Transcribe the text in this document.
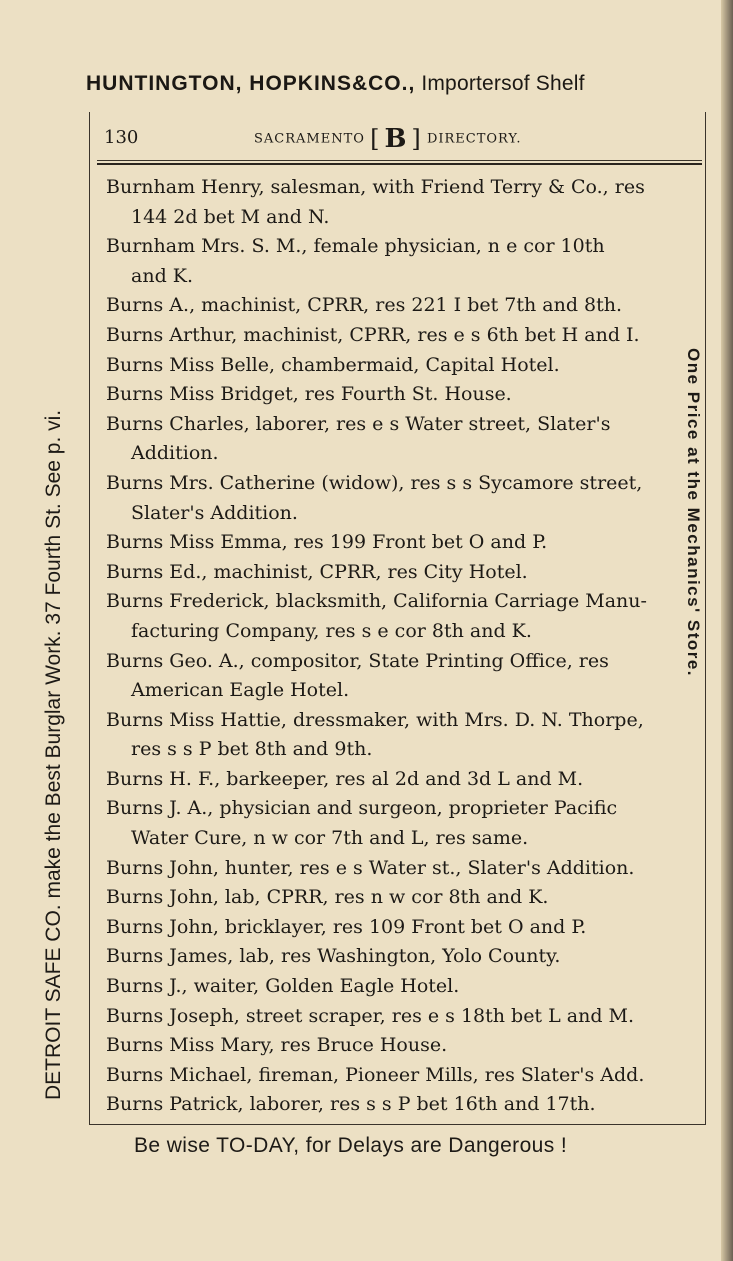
HUNTINGTON, HOPKINS&CO., Importersof Shelf
DETROIT SAFE CO. make the Best Burglar Work. 37 Fourth St. See p. vi.	One Price at the Mechanics' Store.
130	SACRAMENTO [ B ] DIRECTORY.
Burnham Henry, salesman, with Friend Terry & Co., res
144 2d bet M and N.
Burnham Mrs. S. M., female physician, n e cor 10th
and K.
Burns A., machinist, CPRR, res 221 I bet 7th and 8th.
Burns Arthur, machinist, CPRR, res e s 6th bet H and I.
Burns Miss Belle, chambermaid, Capital Hotel.
Burns Miss Bridget, res Fourth St. House.
Burns Charles, laborer, res e s Water street, Slater's
Addition.
Burns Mrs. Catherine (widow), res s s Sycamore street,
Slater's Addition.
Burns Miss Emma, res 199 Front bet O and P.
Burns Ed., machinist, CPRR, res City Hotel.
Burns Frederick, blacksmith, California Carriage Manu-
facturing Company, res s e cor 8th and K.
Burns Geo. A., compositor, State Printing Office, res
American Eagle Hotel.
Burns Miss Hattie, dressmaker, with Mrs. D. N. Thorpe,
res s s P bet 8th and 9th.
Burns H. F., barkeeper, res al 2d and 3d L and M.
Burns J. A., physician and surgeon, proprieter Pacific
Water Cure, n w cor 7th and L, res same.
Burns John, hunter, res e s Water st., Slater's Addition.
Burns John, lab, CPRR, res n w cor 8th and K.
Burns John, bricklayer, res 109 Front bet O and P.
Burns James, lab, res Washington, Yolo County.
Burns J., waiter, Golden Eagle Hotel.
Burns Joseph, street scraper, res e s 18th bet L and M.
Burns Miss Mary, res Bruce House.
Burns Michael, fireman, Pioneer Mills, res Slater's Add.
Burns Patrick, laborer, res s s P bet 16th and 17th.
Be wise TO-DAY, for Delays are Dangerous !
